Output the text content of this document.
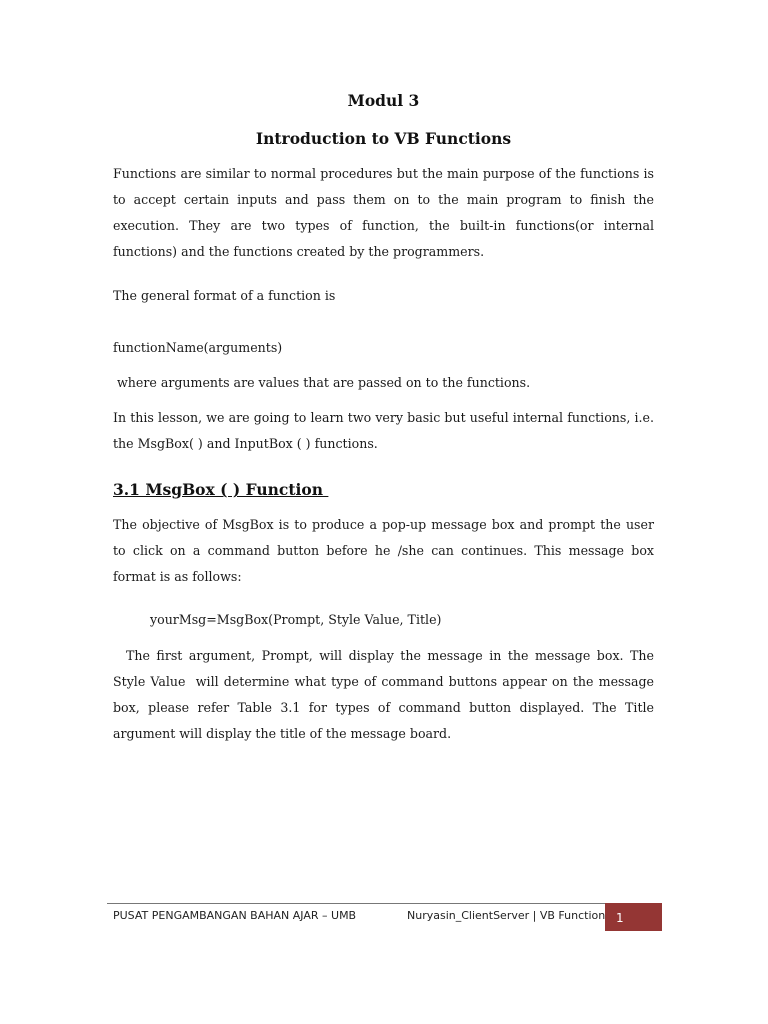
Modul 3
Introduction to VB Functions
Functions are similar to normal procedures but the main purpose of the functions is to accept certain inputs and pass them on to the main program to finish the execution. They are two types of function, the built-in functions(or internal functions) and the functions created by the programmers.
The general format of a function is
functionName(arguments)
where arguments are values that are passed on to the functions.
In this lesson, we are going to learn two very basic but useful internal functions, i.e. the MsgBox( ) and InputBox ( ) functions.
3.1 MsgBox ( ) Function
The objective of MsgBox is to produce a pop-up message box and prompt the user to click on a command button before he /she can continues. This message box format is as follows:
yourMsg=MsgBox(Prompt, Style Value, Title)
The first argument, Prompt, will display the message in the message box. The Style Value  will determine what type of command buttons appear on the message box, please refer Table 3.1 for types of command button displayed. The Title argument will display the title of the message board.
PUSAT PENGAMBANGAN BAHAN AJAR – UMB	Nuryasin_ClientServer | VB Function 1
